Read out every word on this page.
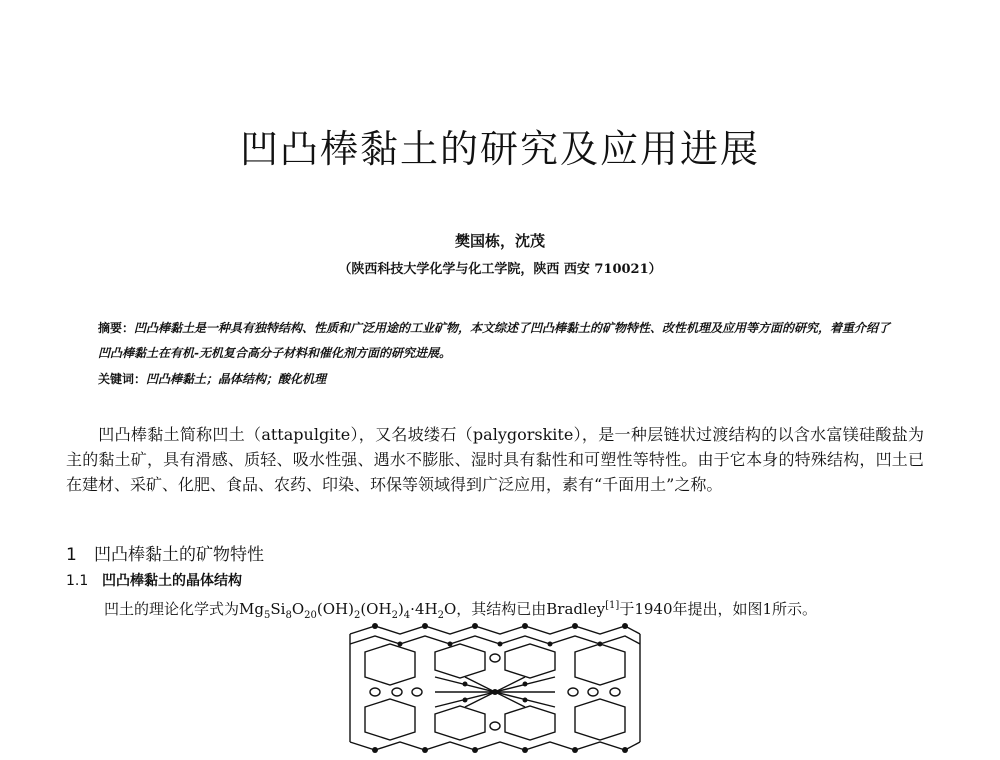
凹凸棒黏土的研究及应用进展
樊国栋，沈茂
（陕西科技大学化学与化工学院，陕西 西安 710021）
摘要：凹凸棒黏土是一种具有独特结构、性质和广泛用途的工业矿物，本文综述了凹凸棒黏土的矿物特性、改性机理及应用等方面的研究，着重介绍了凹凸棒黏土在有机-无机复合高分子材料和催化剂方面的研究进展。
关键词：凹凸棒黏土；晶体结构；酸化机理
凹凸棒黏土简称凹土（attapulgite），又名坡缕石（palygorskite），是一种层链状过渡结构的以含水富镁硅酸盐为主的黏土矿，具有滑感、质轻、吸水性强、遇水不膨胀、湿时具有黏性和可塑性等特性。由于它本身的特殊结构，凹土已在建材、采矿、化肥、食品、农药、印染、环保等领域得到广泛应用，素有“千面用土”之称。
1 凹凸棒黏土的矿物特性
1.1 凹凸棒黏土的晶体结构
凹土的理论化学式为$Mg_5Si_8O_{20}(OH)_2(OH_2)_4\cdot 4H_2O$，其结构已由Bradley[1]于1940年提出，如图1所示。
